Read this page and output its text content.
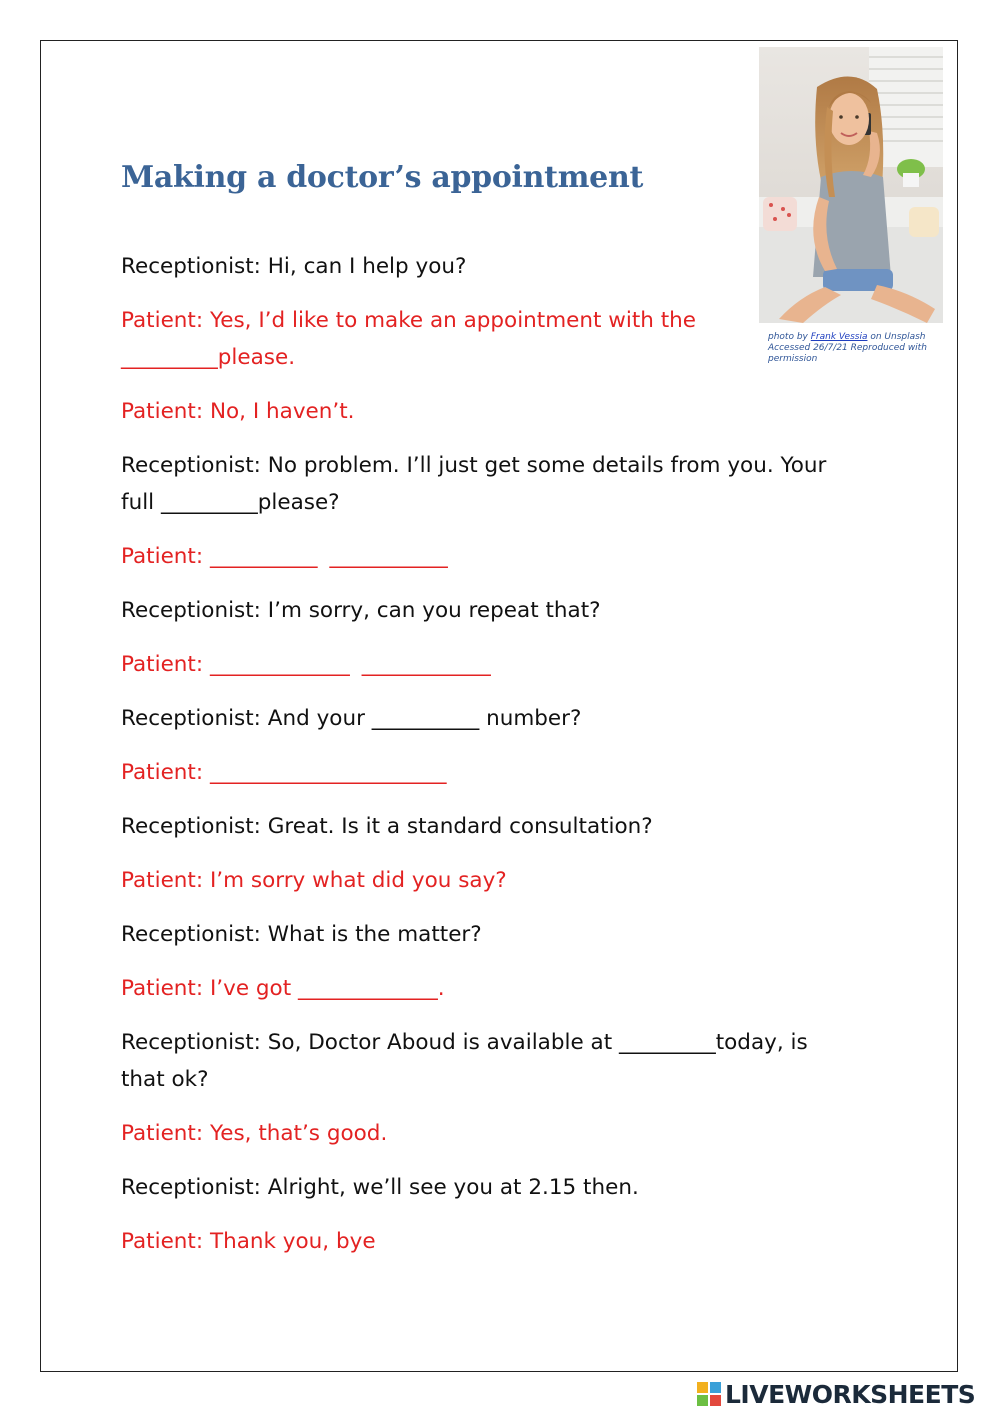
Making a doctor’s appointment
photo by Frank Vessia on Unsplash Accessed 26/7/21 Reproduced with permission

Receptionist: Hi, can I help you?

Patient: Yes, I’d like to make an appointment with the _________please.

Patient: No, I haven’t.

Receptionist: No problem. I’ll just get some details from you. Your full _________please?

Patient: __________ ___________

Receptionist: I’m sorry, can you repeat that?

Patient: _____________ ____________

Receptionist: And your __________ number?

Patient: ______________________

Receptionist: Great. Is it a standard consultation?

Patient: I’m sorry what did you say?

Receptionist: What is the matter?

Patient: I’ve got _____________.

Receptionist: So, Doctor Aboud is available at _________today, is that ok?

Patient: Yes, that’s good.

Receptionist: Alright, we’ll see you at 2.15 then.

Patient: Thank you, bye

LIVEWORKSHEETS
